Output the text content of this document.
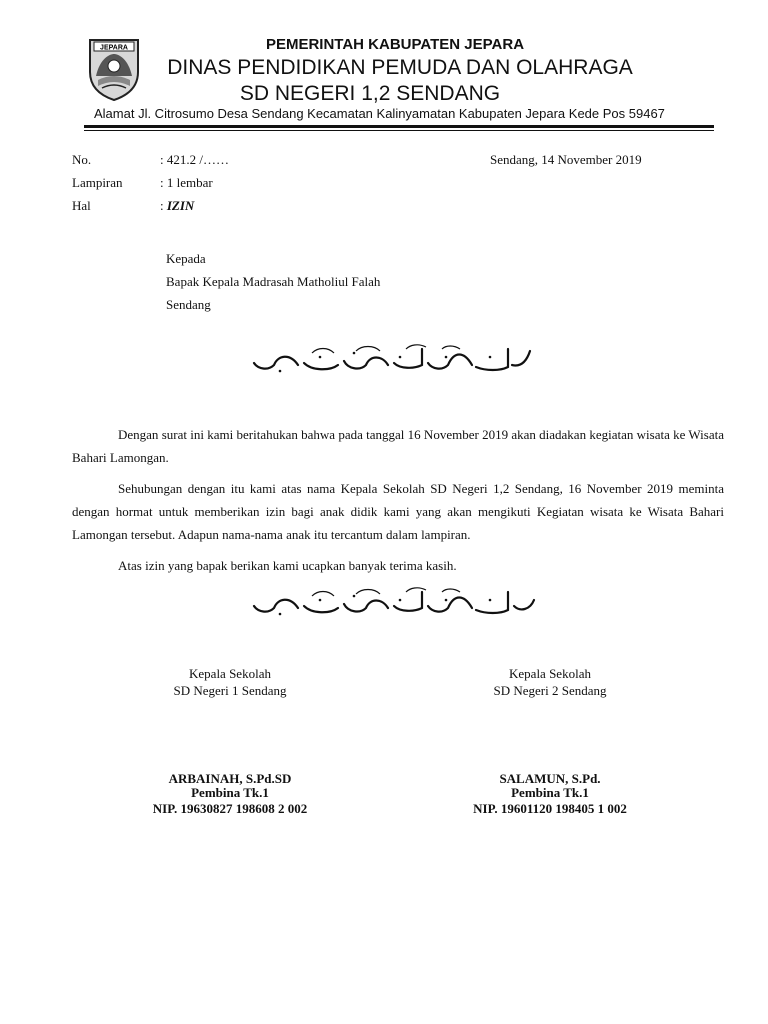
JEPARA	PEMERINTAH KABUPATEN JEPARA
DINAS PENDIDIKAN PEMUDA DAN OLAHRAGA
SD NEGERI 1,2 SENDANG
Alamat Jl. Citrosumo Desa Sendang Kecamatan Kalinyamatan Kabupaten Jepara Kede Pos 59467
No.	: 421.2 /……	Sendang, 14 November 2019
Lampiran	: 1 lembar
Hal	: IZIN
Kepada
Bapak Kepala Madrasah Matholiul Falah
Sendang
Dengan surat ini kami beritahukan bahwa pada tanggal 16 November 2019 akan diadakan kegiatan wisata ke Wisata Bahari Lamongan.
Sehubungan dengan itu kami atas nama Kepala Sekolah SD Negeri 1,2 Sendang, 16 November 2019 meminta dengan hormat untuk memberikan izin bagi anak didik kami yang akan mengikuti Kegiatan wisata ke Wisata Bahari Lamongan tersebut. Adapun nama-nama anak itu tercantum dalam lampiran.
Atas izin yang bapak berikan kami ucapkan banyak terima kasih.
Kepala Sekolah
SD Negeri 1 Sendang
ARBAINAH, S.Pd.SD
Pembina Tk.1
NIP. 19630827 198608 2 002
Kepala Sekolah
SD Negeri 2 Sendang
SALAMUN, S.Pd.
Pembina Tk.1
NIP. 19601120 198405 1 002
